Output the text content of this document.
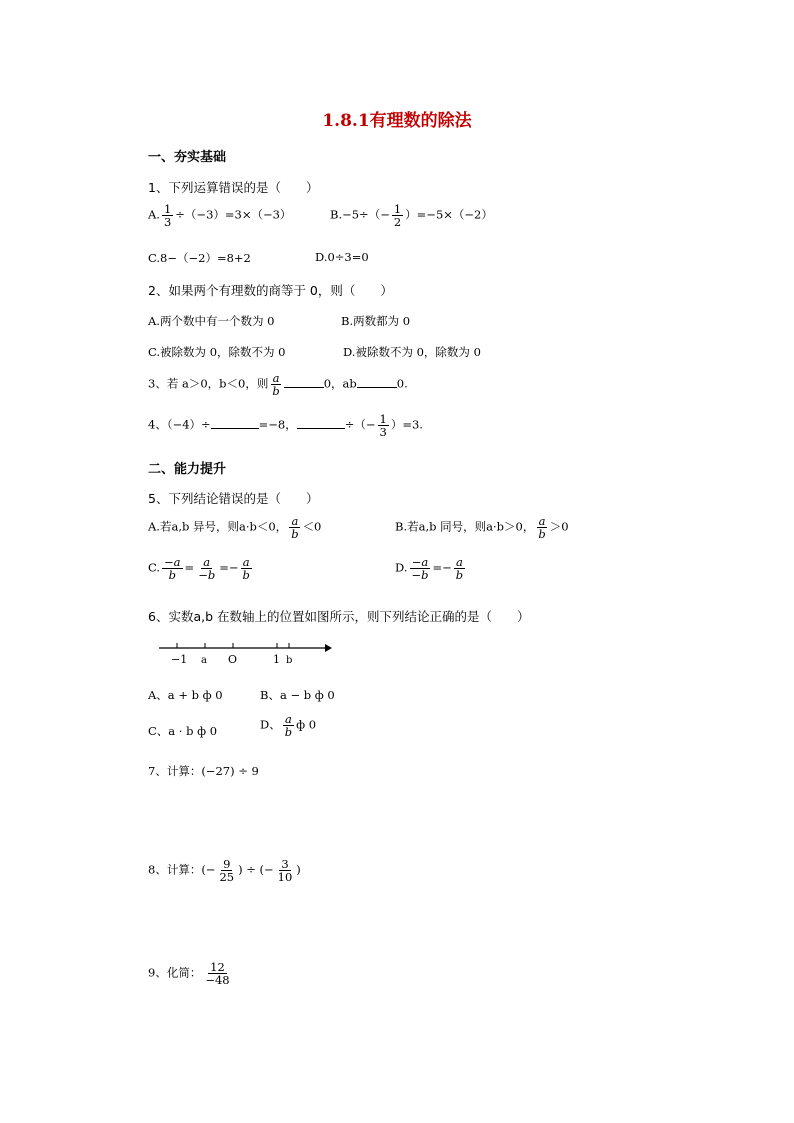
1.8.1有理数的除法
一、夯实基础
1、下列运算错误的是（　　）
A. $\frac{1}{3} \div(-3)=3\times(-3)$	$B.-5\div(- \frac{1}{2} )=-5\times(-2)$
C.8−（−2）=8+2	D.0÷3=0
2、如果两个有理数的商等于 0，则（　　）
A.两个数中有一个数为 0	B.两数都为 0
C.被除数为 0，除数不为 0	D.被除数不为 0，除数为 0
3、若 a＞0，b＜0，则 $\frac{a}{b}$	0，ab	0.
4、（−4）÷	=−8，	÷（− $\frac{1}{3} )=3$.
二、能力提升
5、下列结论错误的是（　　）
A.若a,b 异号，则a·b＜0， $\frac{a}{b} <0$	B.若a,b 同号，则a·b＞0， $\frac{a}{b} >0$
C. $\frac{-a}{b} = \frac{a}{-b} =- \frac{a}{b}$	D. $\frac{-a}{-b} =- \frac{a}{b}$
6、实数a,b 在数轴上的位置如图所示，则下列结论正确的是（　　）
−1 a O	1 b
A、a + b ф 0	B、a − b ф 0
C、a · b ф 0	D、 $\frac{a}{b}$ ф 0
7、计算：(−27) ÷ 9
8、计算：(− $\frac{9}{25}$ ) ÷ (− $\frac{3}{10}$ )
9、化简： $\frac{12}{-48}$
